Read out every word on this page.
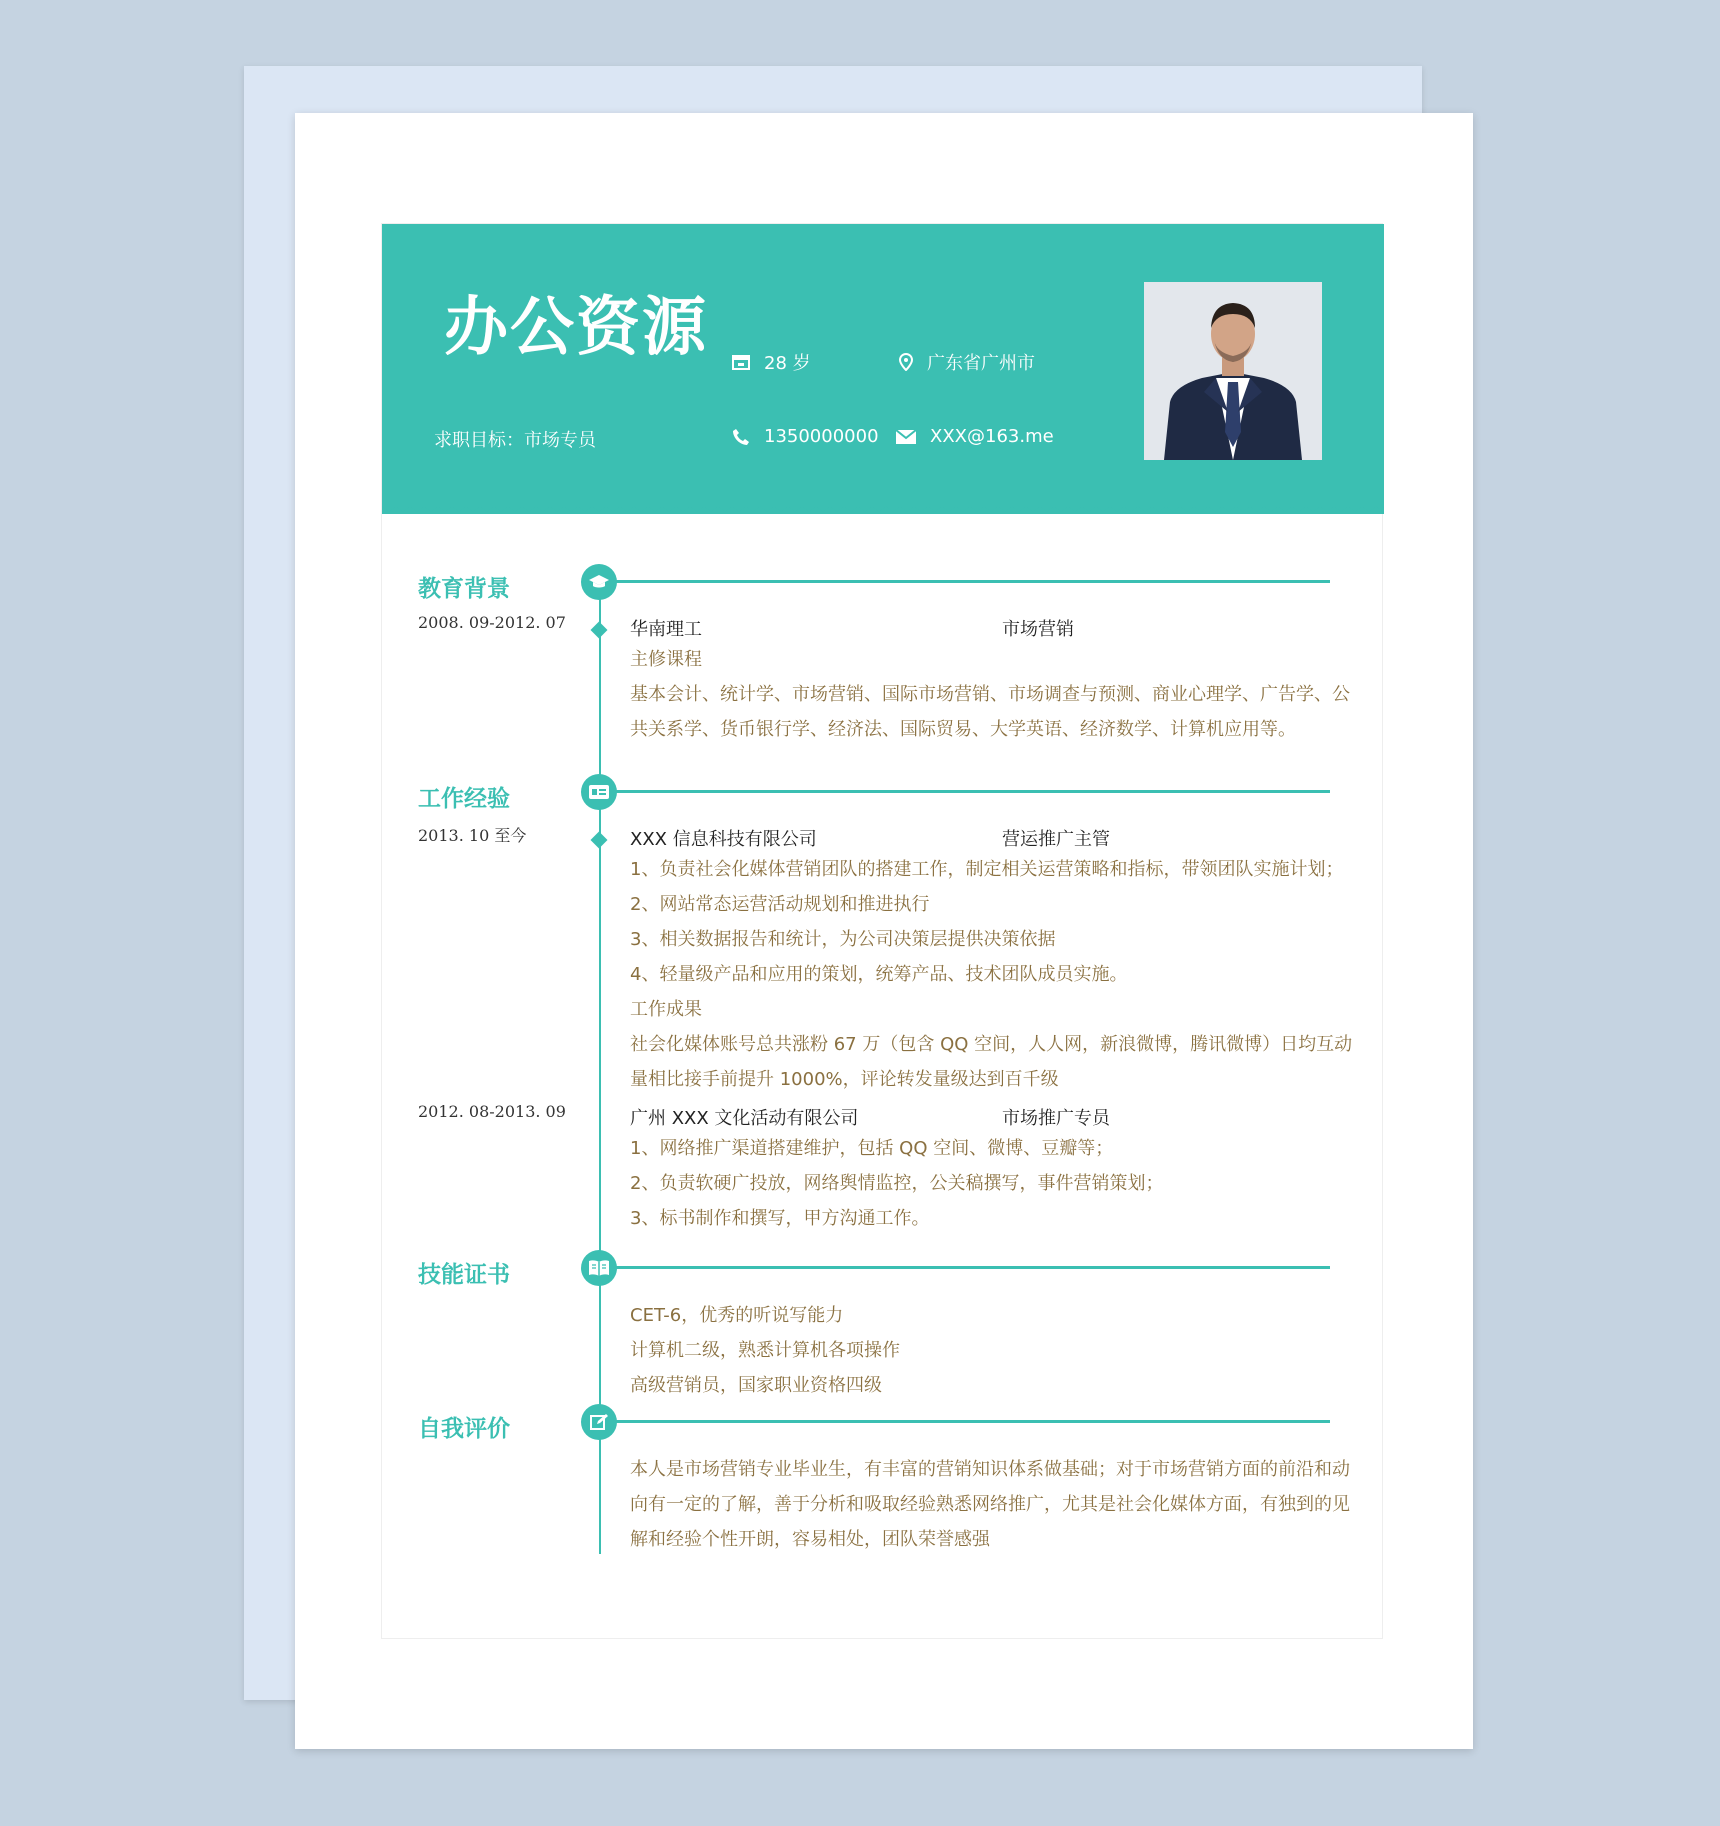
办公资源
求职目标：市场专员
28 岁	广东省广州市
1350000000	XXX@163.me
教育背景
2008. 09-2012. 07	华南理工	市场营销
主修课程
基本会计、统计学、市场营销、国际市场营销、市场调查与预测、商业心理学、广告学、公
共关系学、货币银行学、经济法、国际贸易、大学英语、经济数学、计算机应用等。
工作经验
2013. 10 至今	XXX 信息科技有限公司	营运推广主管
1、负责社会化媒体营销团队的搭建工作，制定相关运营策略和指标，带领团队实施计划；
2、网站常态运营活动规划和推进执行
3、相关数据报告和统计，为公司决策层提供决策依据
4、轻量级产品和应用的策划，统筹产品、技术团队成员实施。
工作成果
社会化媒体账号总共涨粉 67 万（包含 QQ 空间，人人网，新浪微博，腾讯微博）日均互动
量相比接手前提升 1000%，评论转发量级达到百千级
2012. 08-2013. 09	广州 XXX 文化活动有限公司	市场推广专员
1、网络推广渠道搭建维护，包括 QQ 空间、微博、豆瓣等；
2、负责软硬广投放，网络舆情监控，公关稿撰写，事件营销策划；
3、标书制作和撰写，甲方沟通工作。
技能证书
CET-6，优秀的听说写能力
计算机二级，熟悉计算机各项操作
高级营销员，国家职业资格四级
自我评价
本人是市场营销专业毕业生，有丰富的营销知识体系做基础；对于市场营销方面的前沿和动
向有一定的了解，善于分析和吸取经验熟悉网络推广，尤其是社会化媒体方面，有独到的见
解和经验个性开朗，容易相处，团队荣誉感强
